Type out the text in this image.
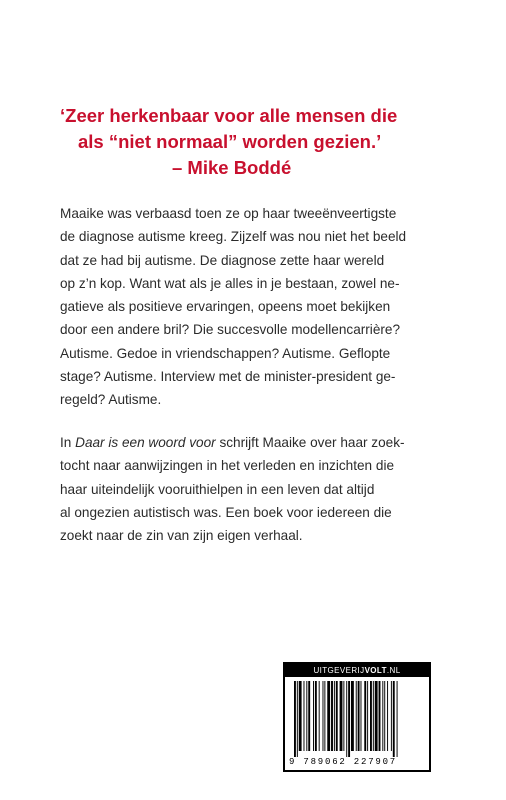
‘Zeer herkenbaar voor alle mensen die
als “niet normaal” worden gezien.’
– Mike Boddé
Maaike was verbaasd toen ze op haar tweeënveertigste
de diagnose autisme kreeg. Zijzelf was nou niet het beeld
dat ze had bij autisme. De diagnose zette haar wereld
op z’n kop. Want wat als je alles in je bestaan, zowel ne-
gatieve als positieve ervaringen, opeens moet bekijken
door een andere bril? Die succesvolle modellencarrière?
Autisme. Gedoe in vriendschappen? Autisme. Geflopte
stage? Autisme. Interview met de minister-president ge-
regeld? Autisme.
In Daar is een woord voor schrijft Maaike over haar zoek-
tocht naar aanwijzingen in het verleden en inzichten die
haar uiteindelijk vooruithielpen in een leven dat altijd
al ongezien autistisch was. Een boek voor iedereen die
zoekt naar de zin van zijn eigen verhaal.
UITGEVERIJVOLT.NL
9 789062 227907
